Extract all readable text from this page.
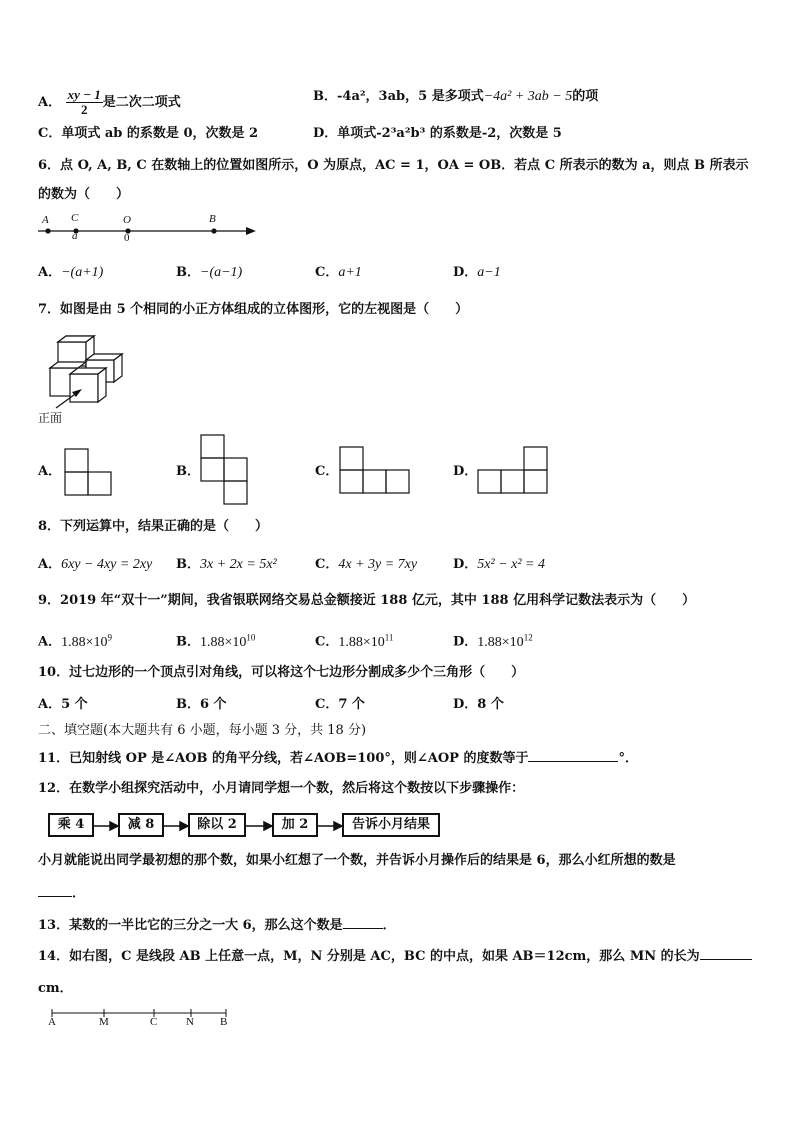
A． $\frac{xy - 1}{2}$ 是二次二项式	B．-4a²，3ab，5 是多项式−4a² + 3ab − 5的项
C．单项式 ab 的系数是 0，次数是 2	D．单项式-2³a²b³ 的系数是-2，次数是 5
6．点 O, A, B, C 在数轴上的位置如图所示，O 为原点，AC = 1，OA = OB．若点 C 所表示的数为 a，则点 B 所表示
的数为（　　）
A C
a
O
0
B
A．−(a+1)	B．−(a−1)	C．a+1	D．a−1
7．如图是由 5 个相同的小正方体组成的立体图形，它的左视图是（　　）
正面
A．	B．	C．	D．
8．下列运算中，结果正确的是（　　）
A．6xy − 4xy = 2xy B．3x + 2x = 5x²	C．4x + 3y = 7xy	D．5x² − x² = 4
9．2019 年“双十一”期间，我省银联网络交易总金额接近 188 亿元，其中 188 亿用科学记数法表示为（　　）
A．$1.88\times 10^9$	B．$1.88\times 10^{10}$	C．$1.88\times 10^{11}$	D．$1.88\times 10^{12}$
10．过七边形的一个顶点引对角线，可以将这个七边形分割成多少个三角形（　　）
A．5 个	B．6 个	C．7 个	D．8 个
二、填空题(本大题共有 6 小题，每小题 3 分，共 18 分)
11．已知射线 OP 是∠AOB 的角平分线，若∠AOB=100°，则∠AOP 的度数等于	°．
12．在数学小组探究活动中，小月请同学想一个数，然后将这个数按以下步骤操作：
乘 4	减 8	除以 2	加 2	告诉小月结果
小月就能说出同学最初想的那个数，如果小红想了一个数，并告诉小月操作后的结果是 6，那么小红所想的数是
．
13．某数的一半比它的三分之一大 6，那么这个数是	．
14．如右图，C 是线段 AB 上任意一点，M，N 分别是 AC，BC 的中点，如果 AB＝12cm，那么 MN 的长为
cm．
A	M	C	N B
